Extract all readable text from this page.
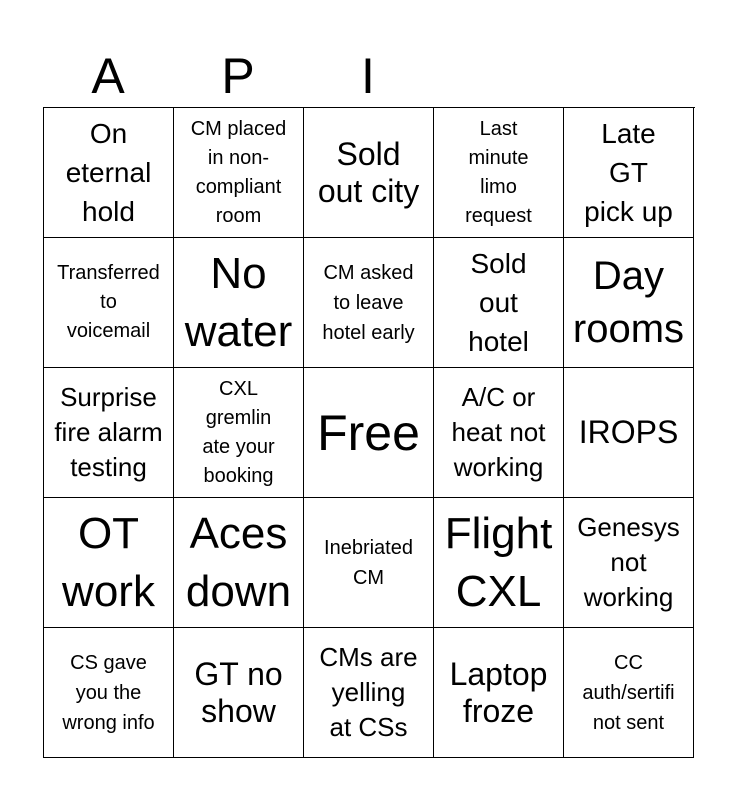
A	P	I
On
eternal
hold
CM placed
in non-
compliant
room
Sold
out city
Last
minute
limo
request
Late
GT
pick up
Transferred
to
voicemail
No
water
CM asked
to leave
hotel early
Sold
out
hotel
Day
rooms
Surprise
fire alarm
testing
CXL
gremlin
ate your
booking
Free
A/C or
heat not
working
IROPS
OT
work
Aces
down
Inebriated
CM
Flight
CXL
Genesys
not
working
CS gave
you the
wrong info
GT no
show
CMs are
yelling
at CSs
Laptop
froze
CC
auth/sertifi
not sent
